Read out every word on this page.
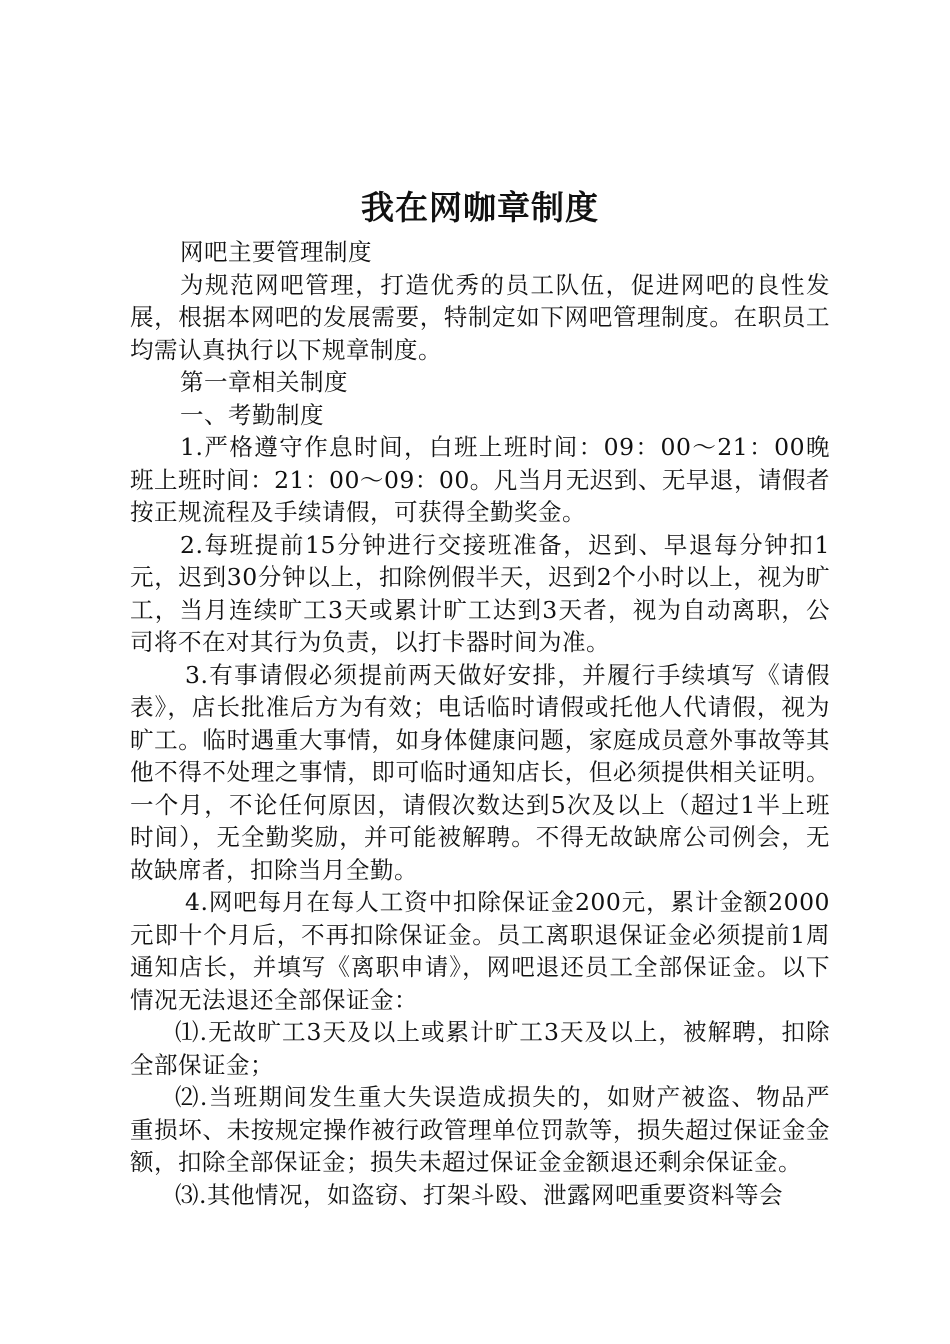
我在网咖章制度

网吧主要管理制度

为规范网吧管理，打造优秀的员工队伍，促进网吧的良性发展，根据本网吧的发展需要，特制定如下网吧管理制度。在职员工均需认真执行以下规章制度。

第一章相关制度

一、考勤制度

1.严格遵守作息时间，白班上班时间：09：00～21：00晚班上班时间：21：00～09：00。凡当月无迟到、无早退，请假者按正规流程及手续请假，可获得全勤奖金。

2.每班提前15分钟进行交接班准备，迟到、早退每分钟扣1元，迟到30分钟以上，扣除例假半天，迟到2个小时以上，视为旷工，当月连续旷工3天或累计旷工达到3天者，视为自动离职，公司将不在对其行为负责，以打卡器时间为准。

3.有事请假必须提前两天做好安排，并履行手续填写《请假表》，店长批准后方为有效；电话临时请假或托他人代请假，视为旷工。临时遇重大事情，如身体健康问题，家庭成员意外事故等其他不得不处理之事情，即可临时通知店长，但必须提供相关证明。一个月，不论任何原因，请假次数达到5次及以上（超过1半上班时间），无全勤奖励，并可能被解聘。不得无故缺席公司例会，无故缺席者，扣除当月全勤。

4.网吧每月在每人工资中扣除保证金200元，累计金额2000元即十个月后，不再扣除保证金。员工离职退保证金必须提前1周通知店长，并填写《离职申请》，网吧退还员工全部保证金。以下情况无法退还全部保证金：

⑴.无故旷工3天及以上或累计旷工3天及以上，被解聘，扣除全部保证金；

⑵.当班期间发生重大失误造成损失的，如财产被盗、物品严重损坏、未按规定操作被行政管理单位罚款等，损失超过保证金金额，扣除全部保证金；损失未超过保证金金额退还剩余保证金。

⑶.其他情况，如盗窃、打架斗殴、泄露网吧重要资料等会
